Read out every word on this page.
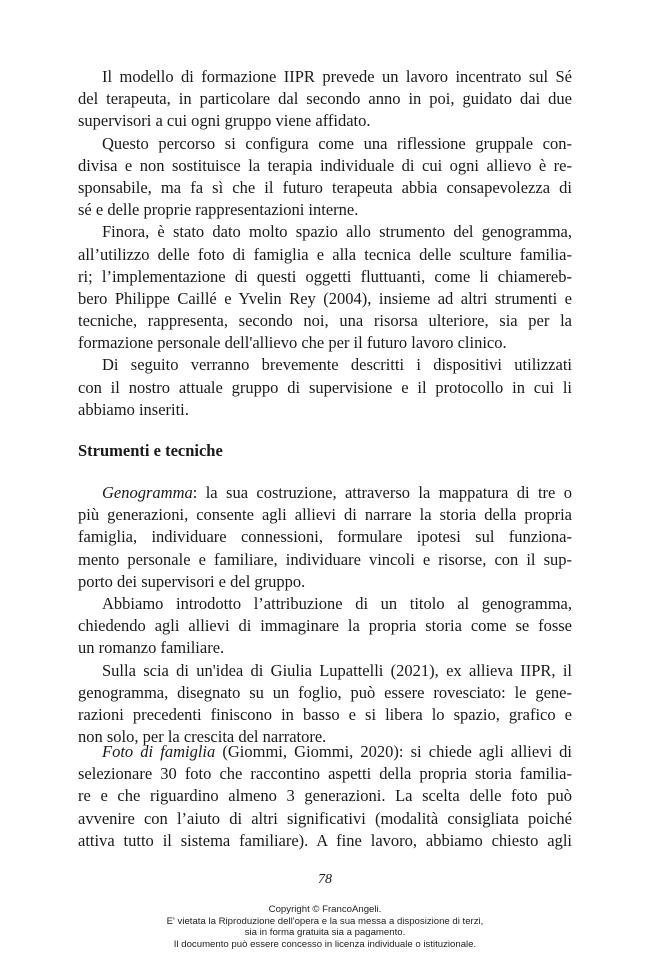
Il modello di formazione IIPR prevede un lavoro incentrato sul Sé
del terapeuta, in particolare dal secondo anno in poi, guidato dai due
supervisori a cui ogni gruppo viene affidato.
Questo percorso si configura come una riflessione gruppale con-
divisa e non sostituisce la terapia individuale di cui ogni allievo è re-
sponsabile, ma fa sì che il futuro terapeuta abbia consapevolezza di
sé e delle proprie rappresentazioni interne.
Finora, è stato dato molto spazio allo strumento del genogramma,
all’utilizzo delle foto di famiglia e alla tecnica delle sculture familia-
ri; l’implementazione di questi oggetti fluttuanti, come li chiamereb-
bero Philippe Caillé e Yvelin Rey (2004), insieme ad altri strumenti e
tecniche, rappresenta, secondo noi, una risorsa ulteriore, sia per la
formazione personale dell'allievo che per il futuro lavoro clinico.
Di seguito verranno brevemente descritti i dispositivi utilizzati
con il nostro attuale gruppo di supervisione e il protocollo in cui li
abbiamo inseriti.
Strumenti e tecniche
Genogramma: la sua costruzione, attraverso la mappatura di tre o
più generazioni, consente agli allievi di narrare la storia della propria
famiglia, individuare connessioni, formulare ipotesi sul funziona-
mento personale e familiare, individuare vincoli e risorse, con il sup-
porto dei supervisori e del gruppo.
Abbiamo introdotto l’attribuzione di un titolo al genogramma,
chiedendo agli allievi di immaginare la propria storia come se fosse
un romanzo familiare.
Sulla scia di un'idea di Giulia Lupattelli (2021), ex allieva IIPR, il
genogramma, disegnato su un foglio, può essere rovesciato: le gene-
razioni precedenti finiscono in basso e si libera lo spazio, grafico e
non solo, per la crescita del narratore.
Foto di famiglia (Giommi, Giommi, 2020): si chiede agli allievi di
selezionare 30 foto che raccontino aspetti della propria storia familia-
re e che riguardino almeno 3 generazioni. La scelta delle foto può
avvenire con l’aiuto di altri significativi (modalità consigliata poiché
attiva tutto il sistema familiare). A fine lavoro, abbiamo chiesto agli
78
Copyright © FrancoAngeli.
E' vietata la Riproduzione dell'opera e la sua messa a disposizione di terzi,
sia in forma gratuita sia a pagamento.
Il documento può essere concesso in licenza individuale o istituzionale.
